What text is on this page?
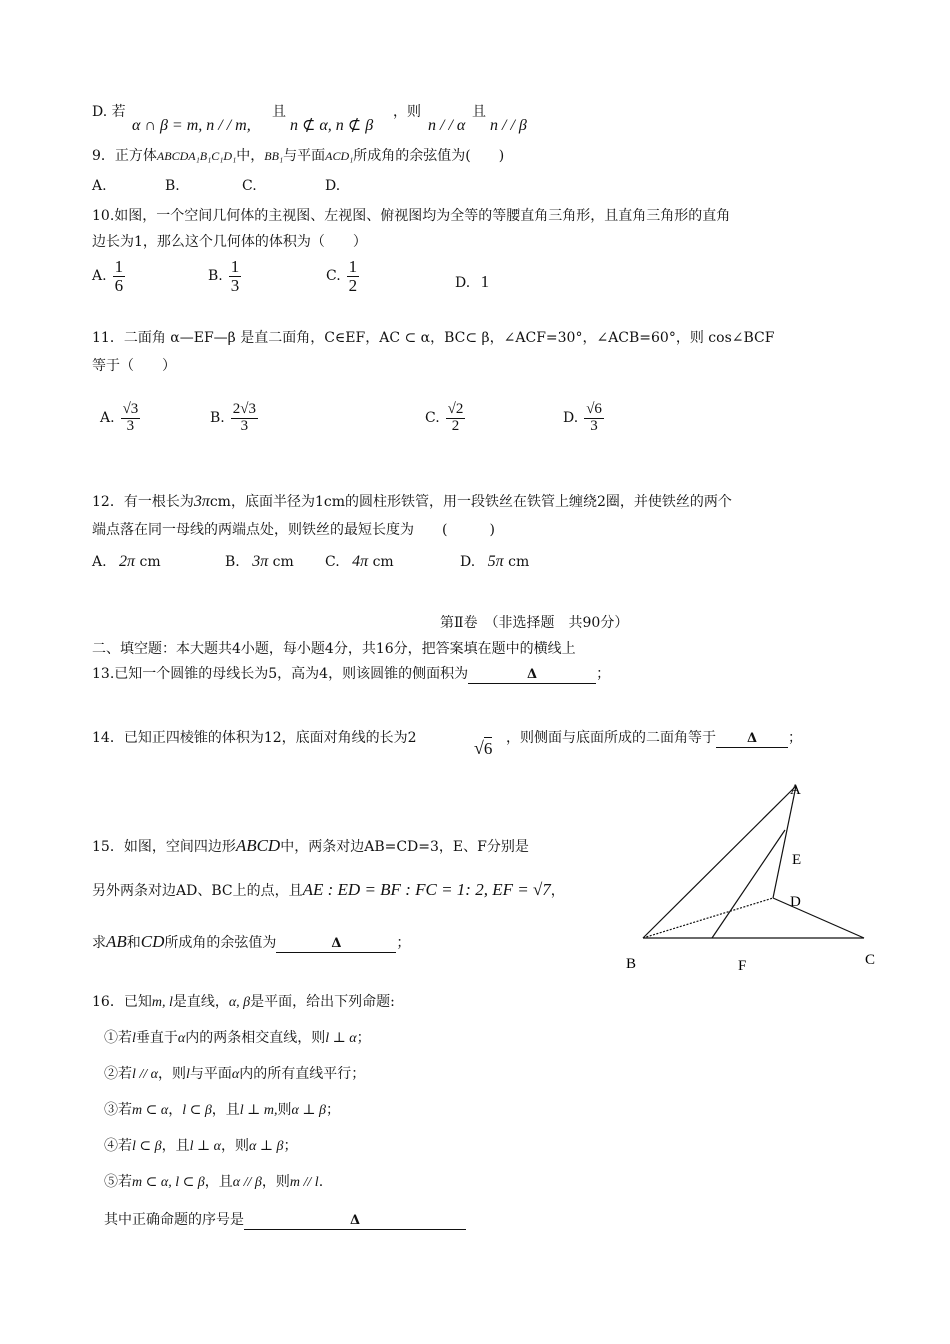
D. 若
α ∩ β = m, n / / m,
且
n ⊄ α, n ⊄ β
，则
n / / α
且
n / / β
9．正方体ABCDA₁B₁C₁D₁中，BB₁与平面ACD₁所成角的余弦值为(　　)
A.	B.	C.	D.
10.如图，一个空间几何体的主视图、左视图、俯视图均为全等的等腰直角三角形，且直角三角形的直角
边长为1，那么这个几何体的体积为（　　）
A. $\frac{1}{6}$	B. $\frac{1}{3}$	C. $\frac{1}{2}$	D. 1
11．二面角 α—EF—β 是直二面角，C∈EF，AC ⊂ α，BC⊂ β，∠ACF=30°，∠ACB=60°，则 cos∠BCF
等于（　　）
A. $\frac{√3}{3}$	B. $\frac{2√3}{3}$	C. $\frac{√2}{2}$	D. $\frac{√6}{3}$
12．有一根长为3πcm，底面半径为1cm的圆柱形铁管，用一段铁丝在铁管上缠绕2圈，并使铁丝的两个
端点落在同一母线的两端点处，则铁丝的最短长度为　　(　　　)
A. 2π cm	B. 3π cm C. 4π cm	D. 5π cm
第Ⅱ卷　（非选择题　共90分）
二、填空题：本大题共4小题，每小题4分，共16分，把答案填在题中的横线上
13.已知一个圆锥的母线长为5，高为4，则该圆锥的侧面积为	Δ	；
14．已知正四棱锥的体积为12，底面对角线的长为2	√6
，则侧面与底面所成的二面角等于 Δ ；
15．如图，空间四边形ABCD中，两条对边AB=CD=3，E、F分别是
另外两条对边AD、BC上的点，且AE : ED = BF : FC = 1: 2, EF = √7，
求AB和CD所成角的余弦值为	Δ	；
A
E
D
B	F	C
16．已知m, l是直线，α, β是平面，给出下列命题:
①若l垂直于α内的两条相交直线，则l ⊥ α；
②若l // α，则l与平面α内的所有直线平行；
③若m ⊂ α，l ⊂ β，且l ⊥ m,则α ⊥ β；
④若l ⊂ β，且l ⊥ α，则α ⊥ β；
⑤若m ⊂ α, l ⊂ β，且α // β，则m // l.
其中正确命题的序号是	Δ
